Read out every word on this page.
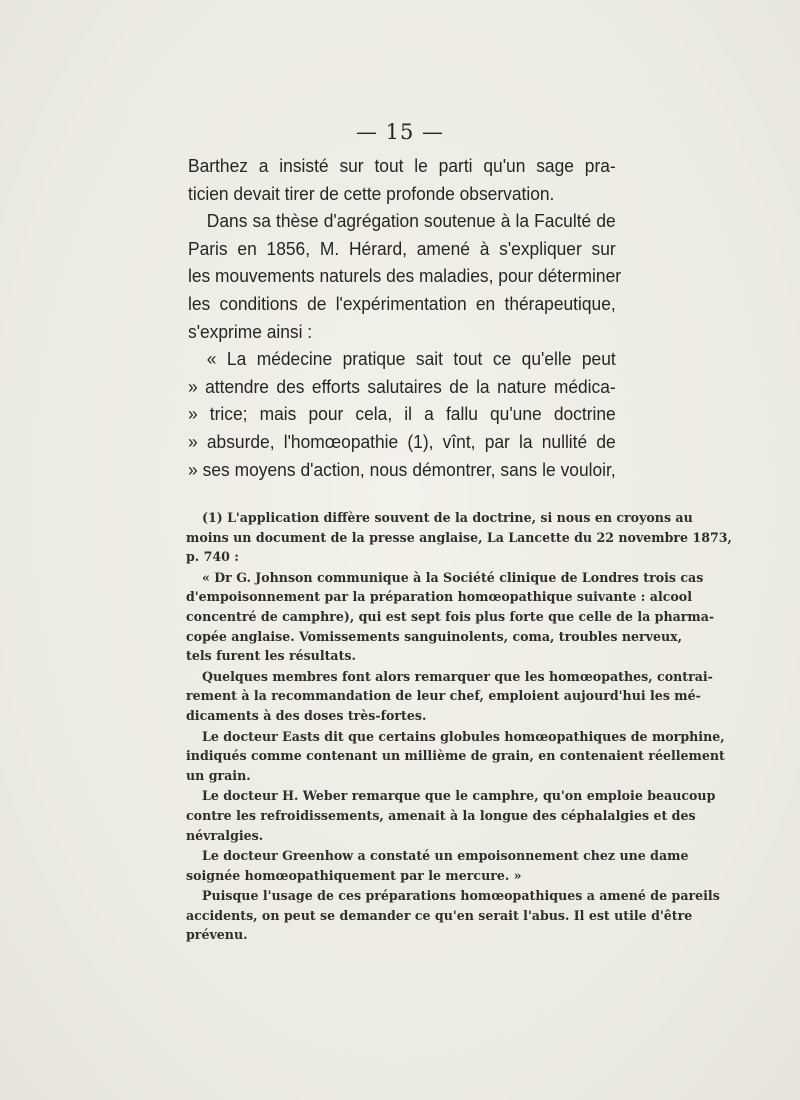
— 15 —
Barthez a insisté sur tout le parti qu'un sage pra-
ticien devait tirer de cette profonde observation.
Dans sa thèse d'agrégation soutenue à la Faculté de
Paris en 1856, M. Hérard, amené à s'expliquer sur
les mouvements naturels des maladies, pour déterminer
les conditions de l'expérimentation en thérapeutique,
s'exprime ainsi :
« La médecine pratique sait tout ce qu'elle peut
» attendre des efforts salutaires de la nature médica-
» trice; mais pour cela, il a fallu qu'une doctrine
» absurde, l'homœopathie (1), vînt, par la nullité de
» ses moyens d'action, nous démontrer, sans le vouloir,
(1) L'application diffère souvent de la doctrine, si nous en croyons au
moins un document de la presse anglaise, La Lancette du 22 novembre 1873,
p. 740 :
« Dr G. Johnson communique à la Société clinique de Londres trois cas
d'empoisonnement par la préparation homœopathique suivante : alcool
concentré de camphre), qui est sept fois plus forte que celle de la pharma-
copée anglaise. Vomissements sanguinolents, coma, troubles nerveux,
tels furent les résultats.
Quelques membres font alors remarquer que les homœopathes, contrai-
rement à la recommandation de leur chef, emploient aujourd'hui les mé-
dicaments à des doses très-fortes.
Le docteur Easts dit que certains globules homœopathiques de morphine,
indiqués comme contenant un millième de grain, en contenaient réellement
un grain.
Le docteur H. Weber remarque que le camphre, qu'on emploie beaucoup
contre les refroidissements, amenait à la longue des céphalalgies et des
névralgies.
Le docteur Greenhow a constaté un empoisonnement chez une dame
soignée homœopathiquement par le mercure. »
Puisque l'usage de ces préparations homœopathiques a amené de pareils
accidents, on peut se demander ce qu'en serait l'abus. Il est utile d'être
prévenu.
